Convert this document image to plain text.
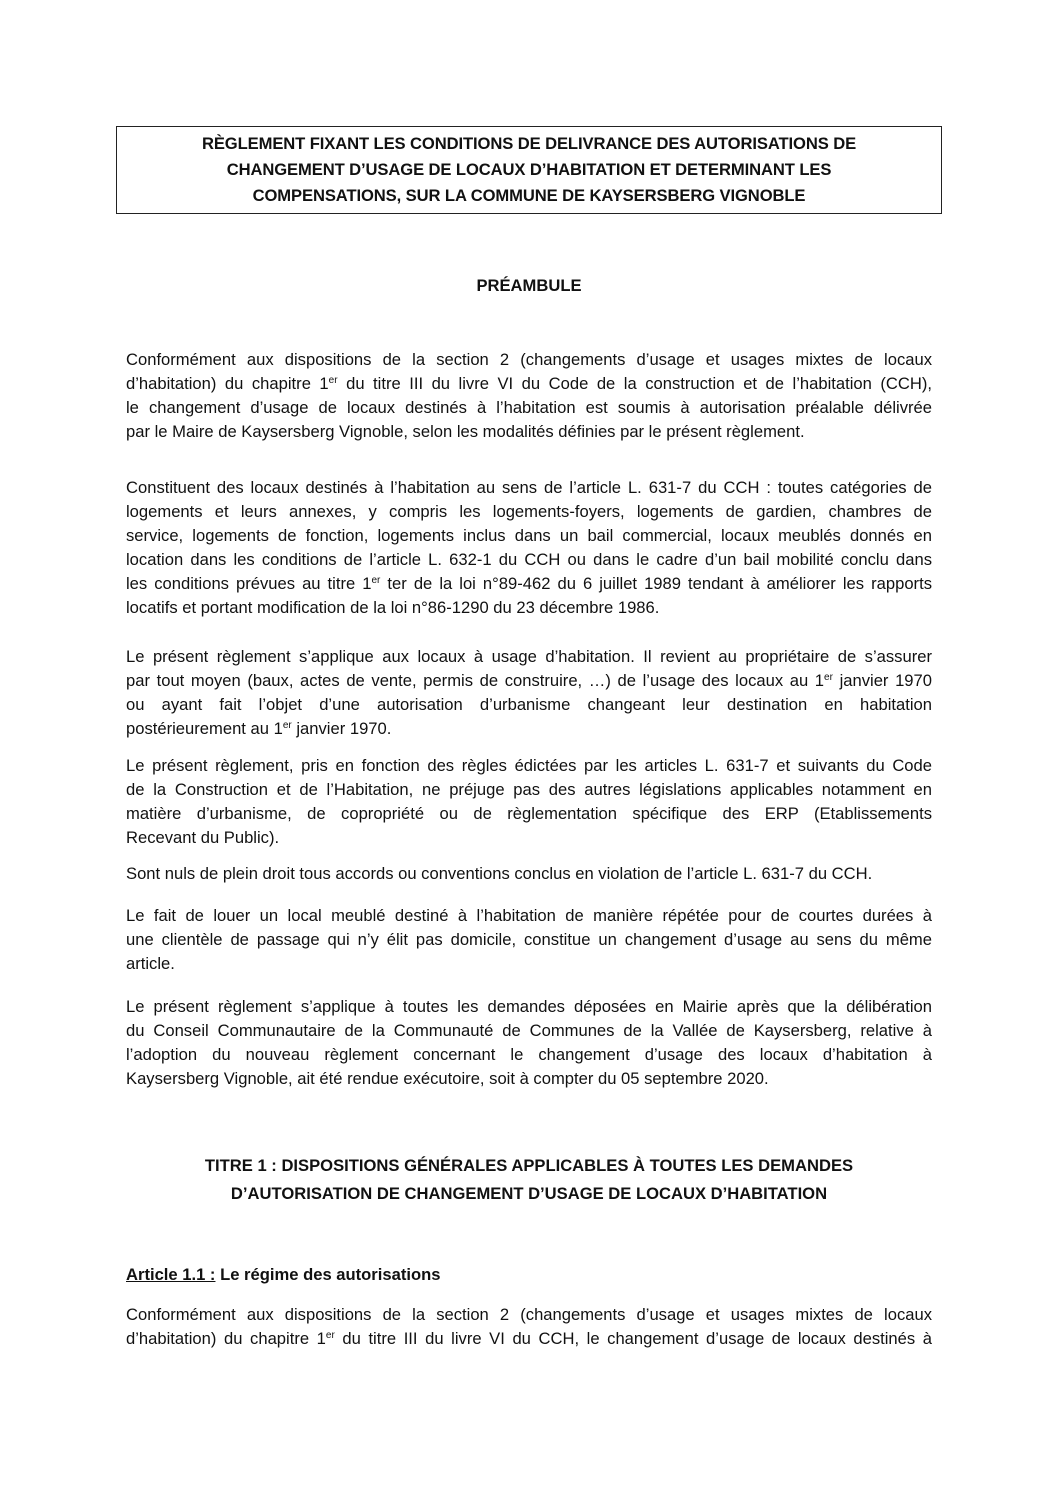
RÈGLEMENT FIXANT LES CONDITIONS DE DELIVRANCE DES AUTORISATIONS DE
CHANGEMENT D’USAGE DE LOCAUX D’HABITATION ET DETERMINANT LES
COMPENSATIONS, SUR LA COMMUNE DE KAYSERSBERG VIGNOBLE
PRÉAMBULE
Conformément aux dispositions de la section 2 (changements d’usage et usages mixtes de locaux
d’habitation) du chapitre 1er du titre III du livre VI du Code de la construction et de l’habitation (CCH),
le changement d’usage de locaux destinés à l’habitation est soumis à autorisation préalable délivrée
par le Maire de Kaysersberg Vignoble, selon les modalités définies par le présent règlement.
Constituent des locaux destinés à l’habitation au sens de l’article L. 631-7 du CCH : toutes catégories de
logements et leurs annexes, y compris les logements-foyers, logements de gardien, chambres de
service, logements de fonction, logements inclus dans un bail commercial, locaux meublés donnés en
location dans les conditions de l’article L. 632-1 du CCH ou dans le cadre d’un bail mobilité conclu dans
les conditions prévues au titre 1er ter de la loi n°89-462 du 6 juillet 1989 tendant à améliorer les rapports
locatifs et portant modification de la loi n°86-1290 du 23 décembre 1986.
Le présent règlement s’applique aux locaux à usage d’habitation. Il revient au propriétaire de s’assurer
par tout moyen (baux, actes de vente, permis de construire, …) de l’usage des locaux au 1er janvier 1970
ou ayant fait l’objet d’une autorisation d’urbanisme changeant leur destination en habitation
postérieurement au 1er janvier 1970.
Le présent règlement, pris en fonction des règles édictées par les articles L. 631-7 et suivants du Code
de la Construction et de l’Habitation, ne préjuge pas des autres législations applicables notamment en
matière d’urbanisme, de copropriété ou de règlementation spécifique des ERP (Etablissements
Recevant du Public).
Sont nuls de plein droit tous accords ou conventions conclus en violation de l’article L. 631-7 du CCH.
Le fait de louer un local meublé destiné à l’habitation de manière répétée pour de courtes durées à
une clientèle de passage qui n’y élit pas domicile, constitue un changement d’usage au sens du même
article.
Le présent règlement s’applique à toutes les demandes déposées en Mairie après que la délibération
du Conseil Communautaire de la Communauté de Communes de la Vallée de Kaysersberg, relative à
l’adoption du nouveau règlement concernant le changement d’usage des locaux d’habitation à
Kaysersberg Vignoble, ait été rendue exécutoire, soit à compter du 05 septembre 2020.
TITRE 1 : DISPOSITIONS GÉNÉRALES APPLICABLES À TOUTES LES DEMANDES
D’AUTORISATION DE CHANGEMENT D’USAGE DE LOCAUX D’HABITATION
Article 1.1 : Le régime des autorisations
Conformément aux dispositions de la section 2 (changements d’usage et usages mixtes de locaux
d’habitation) du chapitre 1er du titre III du livre VI du CCH, le changement d’usage de locaux destinés à
